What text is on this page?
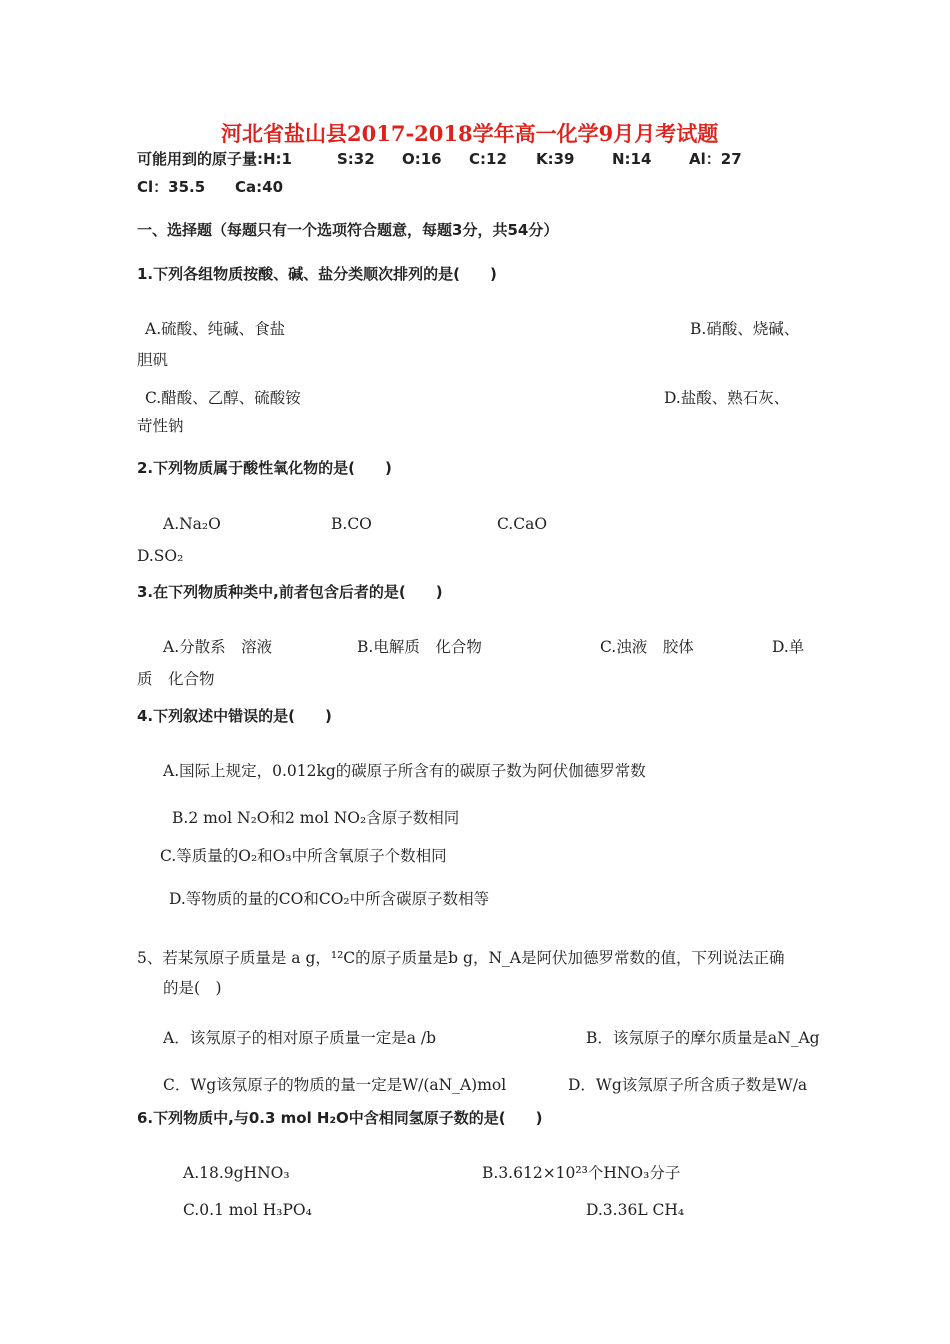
河北省盐山县2017-2018学年高一化学9月月考试题
可能用到的原子量:H:1	S:32 O:16 C:12 K:39	N:14	Al：27
Cl：35.5 Ca:40
一、选择题（每题只有一个选项符合题意，每题3分，共54分）
1.下列各组物质按酸、碱、盐分类顺次排列的是(　　)
A.硫酸、纯碱、食盐	B.硝酸、烧碱、
胆矾
C.醋酸、乙醇、硫酸铵	D.盐酸、熟石灰、
苛性钠
2.下列物质属于酸性氧化物的是(　　)
A.Na₂O	B.CO	C.CaO
D.SO₂
3.在下列物质种类中,前者包含后者的是(　　)
A.分散系　溶液	B.电解质　化合物	C.浊液　胶体	D.单
质　化合物
4.下列叙述中错误的是(　　)
A.国际上规定，0.012kg的碳原子所含有的碳原子数为阿伏伽德罗常数
B.2 mol N₂O和2 mol NO₂含原子数相同
C.等质量的O₂和O₃中所含氧原子个数相同
D.等物质的量的CO和CO₂中所含碳原子数相等
5、若某氖原子质量是 a g，¹²C的原子质量是b g，N_A是阿伏加德罗常数的值，下列说法正确
的是(　)
A．该氖原子的相对原子质量一定是a /b	B．该氖原子的摩尔质量是aN_Ag
C．Wg该氖原子的物质的量一定是W/(aN_A)mol	D．Wg该氖原子所含质子数是W/a
6.下列物质中,与0.3 mol H₂O中含相同氢原子数的是(　　)
A.18.9gHNO₃	B.3.612×10²³个HNO₃分子
C.0.1 mol H₃PO₄	D.3.36L CH₄
